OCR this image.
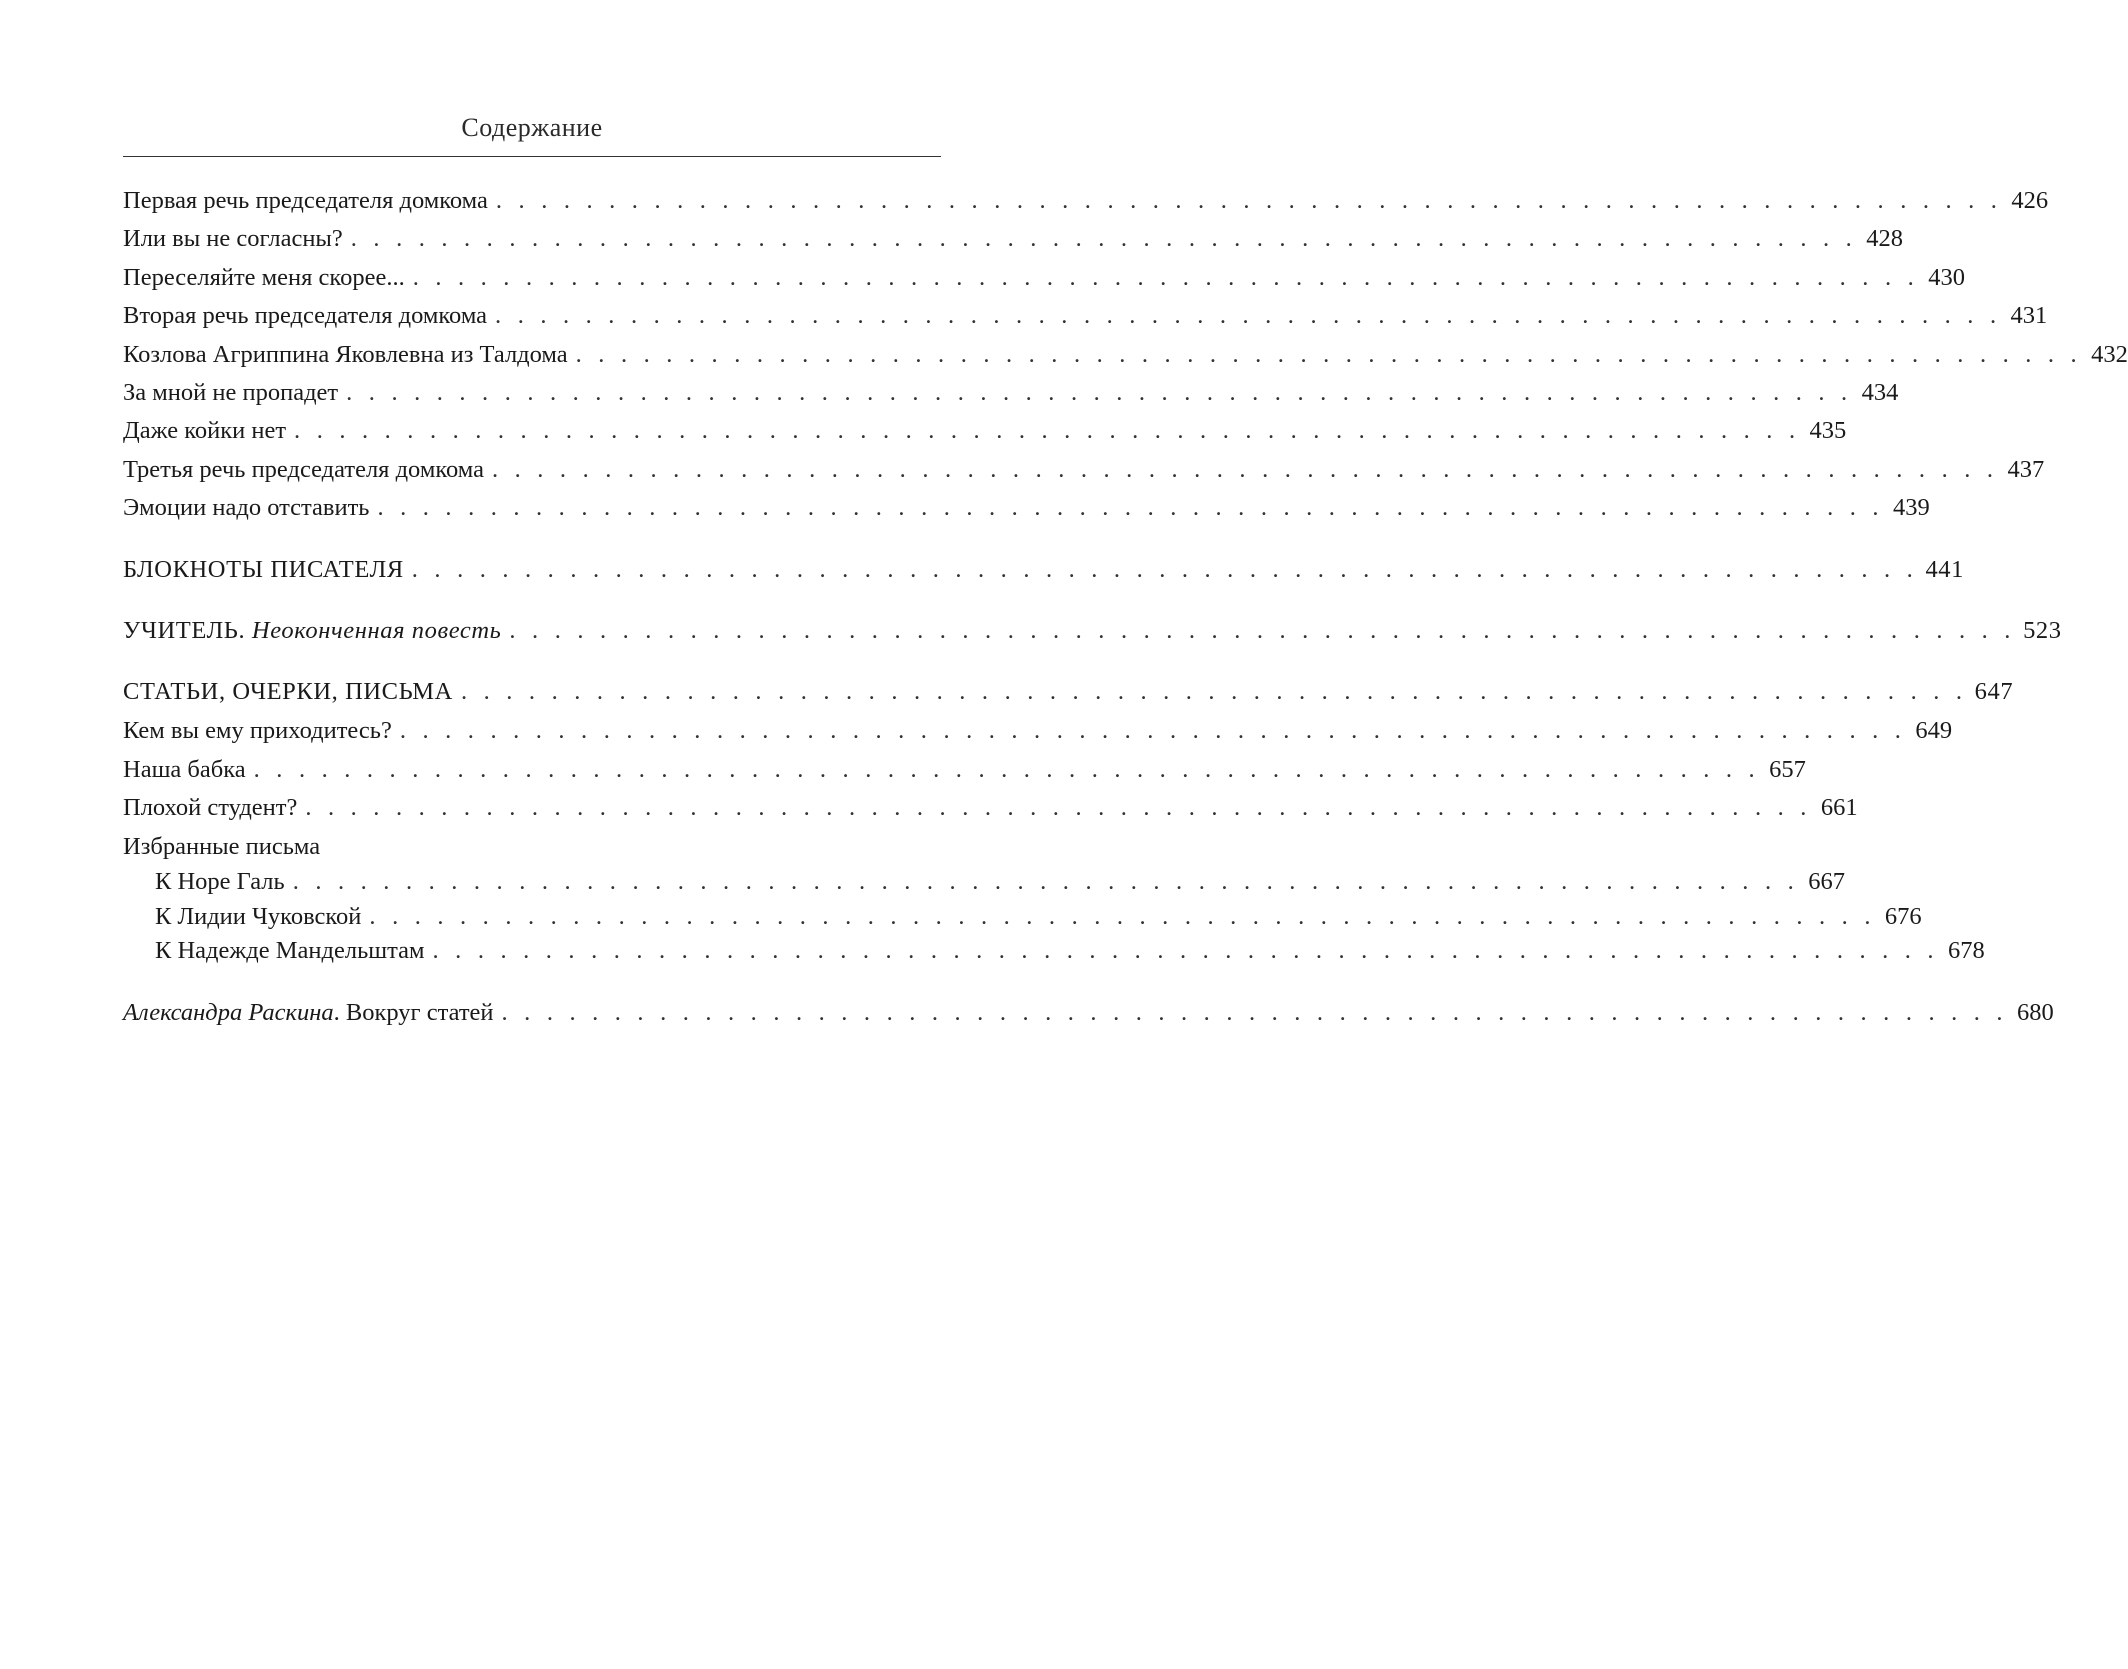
Содержание
Первая речь председателя домкома . . . . . . . . . . . . . . . . . . . . . . . . . . . . . . . . . . . . . . . . . . . . . . . . . . . . . . . . . . . . . . . . . . . 426
Или вы не согласны? . . . . . . . . . . . . . . . . . . . . . . . . . . . . . . . . . . . . . . . . . . . . . . . . . . . . . . . . . . . . . . . . . . . 428
Переселяйте меня скорее... . . . . . . . . . . . . . . . . . . . . . . . . . . . . . . . . . . . . . . . . . . . . . . . . . . . . . . . . . . . . . . . . . . . 430
Вторая речь председателя домкома . . . . . . . . . . . . . . . . . . . . . . . . . . . . . . . . . . . . . . . . . . . . . . . . . . . . . . . . . . . . . . . . . . . 431
Козлова Агриппина Яковлевна из Талдома . . . . . . . . . . . . . . . . . . . . . . . . . . . . . . . . . . . . . . . . . . . . . . . . . . . . . . . . . . . . . . . . . . . 432
За мной не пропадет . . . . . . . . . . . . . . . . . . . . . . . . . . . . . . . . . . . . . . . . . . . . . . . . . . . . . . . . . . . . . . . . . . . 434
Даже койки нет . . . . . . . . . . . . . . . . . . . . . . . . . . . . . . . . . . . . . . . . . . . . . . . . . . . . . . . . . . . . . . . . . . . 435
Третья речь председателя домкома . . . . . . . . . . . . . . . . . . . . . . . . . . . . . . . . . . . . . . . . . . . . . . . . . . . . . . . . . . . . . . . . . . . 437
Эмоции надо отставить . . . . . . . . . . . . . . . . . . . . . . . . . . . . . . . . . . . . . . . . . . . . . . . . . . . . . . . . . . . . . . . . . . . 439
БЛОКНОТЫ ПИСАТЕЛЯ . . . . . . . . . . . . . . . . . . . . . . . . . . . . . . . . . . . . . . . . . . . . . . . . . . . . . . . . . . . . . . . . . . . 441
УЧИТЕЛЬ. Неоконченная повесть . . . . . . . . . . . . . . . . . . . . . . . . . . . . . . . . . . . . . . . . . . . . . . . . . . . . . . . . . . . . . . . . . . . 523
СТАТЬИ, ОЧЕРКИ, ПИСЬМА . . . . . . . . . . . . . . . . . . . . . . . . . . . . . . . . . . . . . . . . . . . . . . . . . . . . . . . . . . . . . . . . . . . 647
Кем вы ему приходитесь? . . . . . . . . . . . . . . . . . . . . . . . . . . . . . . . . . . . . . . . . . . . . . . . . . . . . . . . . . . . . . . . . . . . 649
Наша бабка . . . . . . . . . . . . . . . . . . . . . . . . . . . . . . . . . . . . . . . . . . . . . . . . . . . . . . . . . . . . . . . . . . . 657
Плохой студент? . . . . . . . . . . . . . . . . . . . . . . . . . . . . . . . . . . . . . . . . . . . . . . . . . . . . . . . . . . . . . . . . . . . 661
Избранные письма
К Норе Галь . . . . . . . . . . . . . . . . . . . . . . . . . . . . . . . . . . . . . . . . . . . . . . . . . . . . . . . . . . . . . . . . . . . 667
К Лидии Чуковской . . . . . . . . . . . . . . . . . . . . . . . . . . . . . . . . . . . . . . . . . . . . . . . . . . . . . . . . . . . . . . . . . . . 676
К Надежде Мандельштам . . . . . . . . . . . . . . . . . . . . . . . . . . . . . . . . . . . . . . . . . . . . . . . . . . . . . . . . . . . . . . . . . . . 678
Александра Раскина. Вокруг статей . . . . . . . . . . . . . . . . . . . . . . . . . . . . . . . . . . . . . . . . . . . . . . . . . . . . . . . . . . . . . . . . . . . 680
